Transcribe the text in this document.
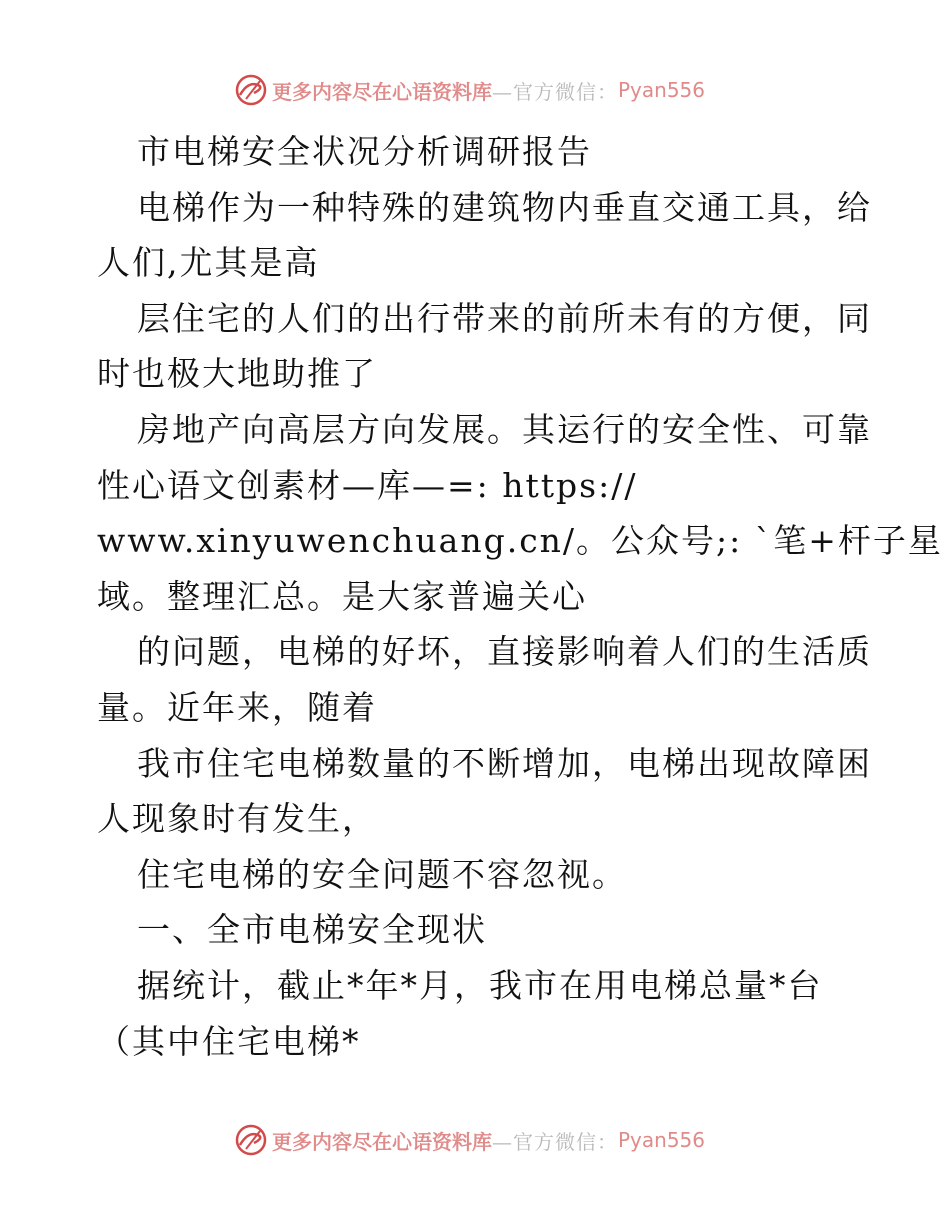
更多内容尽在心语资料库 —官方微信： Pyan556
市电梯安全状况分析调研报告
电梯作为一种特殊的建筑物内垂直交通工具，给
人们,尤其是高
层住宅的人们的出行带来的前所未有的方便，同
时也极大地助推了
房地产向高层方向发展。其运行的安全性、可靠
性心语文创素材—库—=: https://
www.xinyuwenchuang.cn/。公众号;: `笔+杆子星
域。整理汇总。是大家普遍关心
的问题，电梯的好坏，直接影响着人们的生活质
量。近年来，随着
我市住宅电梯数量的不断增加，电梯出现故障困
人现象时有发生，
住宅电梯的安全问题不容忽视。
一、全市电梯安全现状
据统计，截止*年*月，我市在用电梯总量*台
（其中住宅电梯*
更多内容尽在心语资料库 —官方微信： Pyan556
